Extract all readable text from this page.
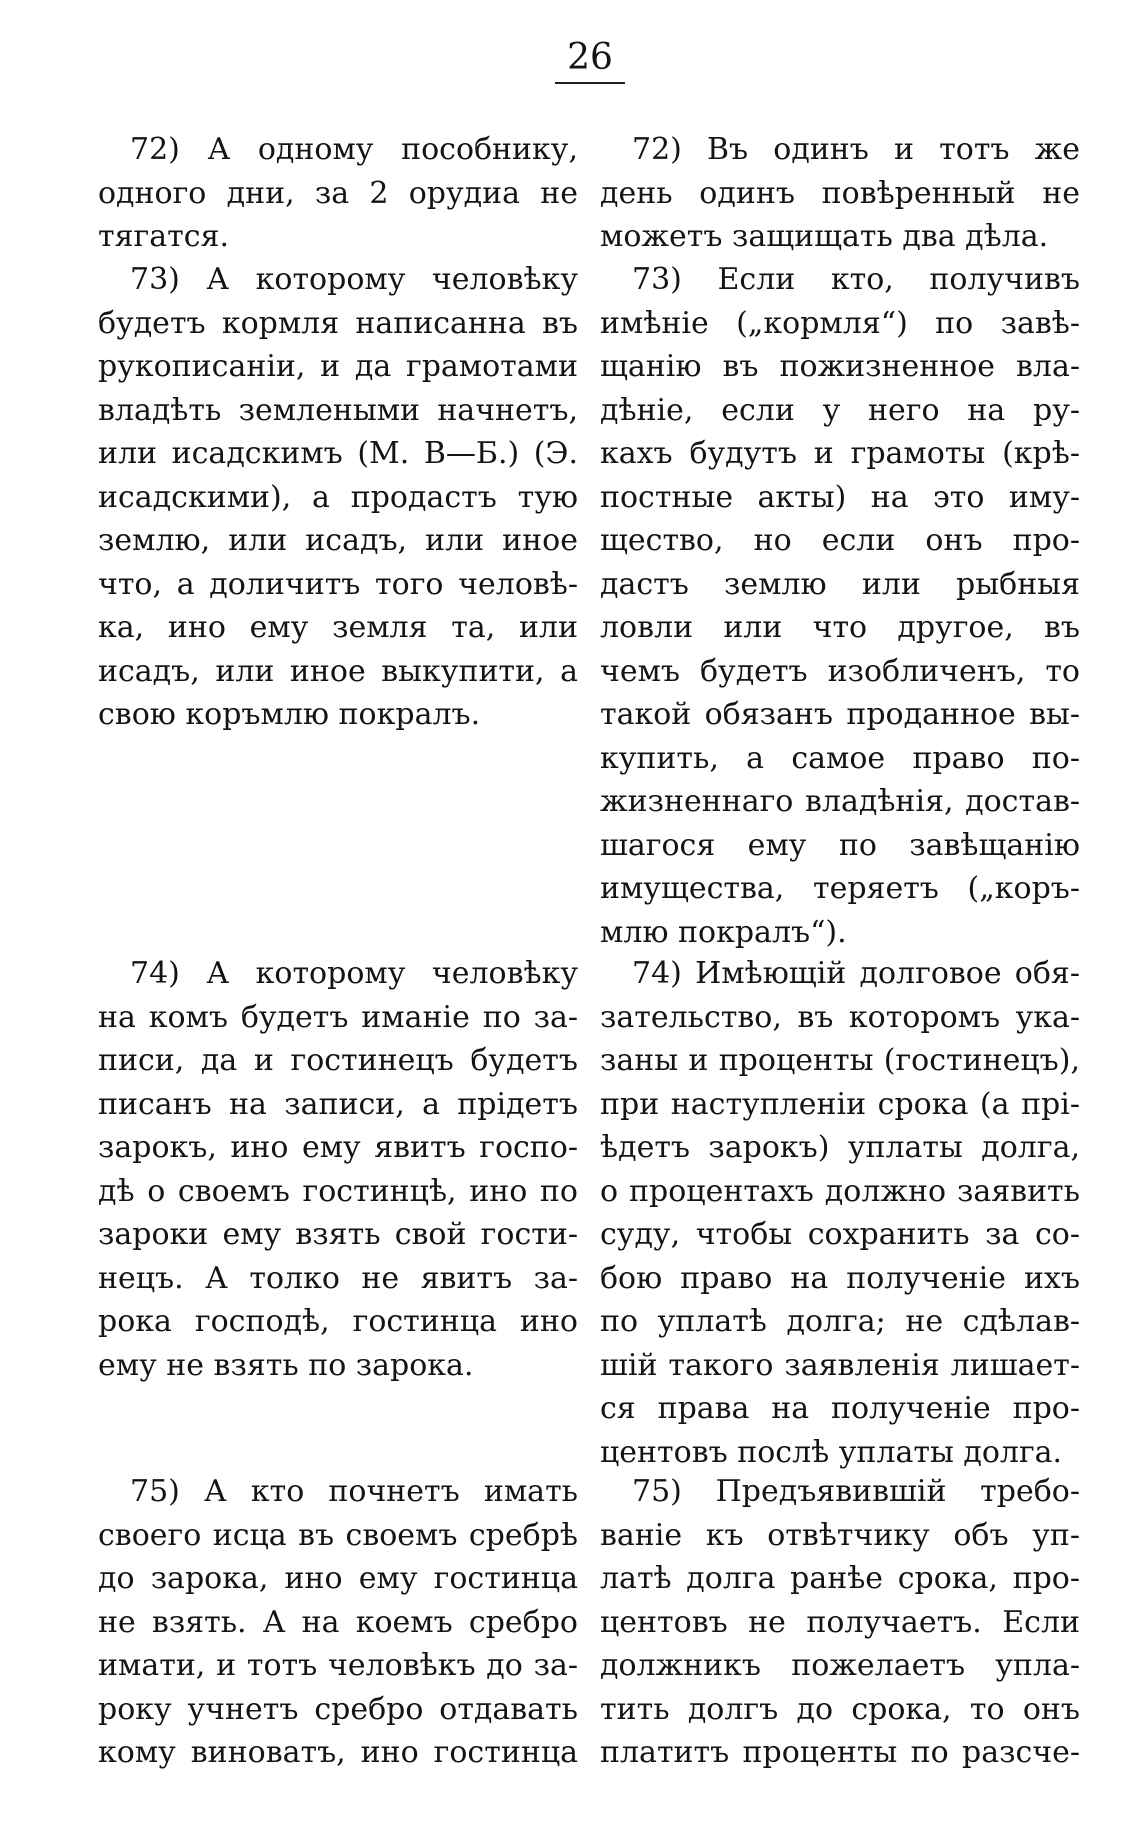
26
72) А одному пособнику,
одного дни, за 2 орудиа не
тягатся.
72) Въ одинъ и тотъ же
день одинъ повѣренный не
можетъ защищать два дѣла.
73) А которому человѣку
будетъ кормля написанна въ
рукописаніи, и да грамотами
владѣть землеными начнетъ,
или исадскимъ (М. В—Б.) (Э.
исадскими), а продастъ тую
землю, или исадъ, или иное
что, а доличитъ того человѣ-
ка, ино ему земля та, или
исадъ, или иное выкупити, а
свою коръмлю покралъ.
73) Если кто, получивъ
имѣніе („кормля“) по завѣ-
щанію въ пожизненное вла-
дѣніе, если у него на ру-
кахъ будутъ и грамоты (крѣ-
постные акты) на это иму-
щество, но если онъ про-
дастъ землю или рыбныя
ловли или что другое, въ
чемъ будетъ изобличенъ, то
такой обязанъ проданное вы-
купить, а самое право по-
жизненнаго владѣнія, достав-
шагося ему по завѣщанію
имущества, теряетъ („коръ-
млю покралъ“).
74) А которому человѣку
на комъ будетъ иманіе по за-
писи, да и гостинецъ будетъ
писанъ на записи, а прідетъ
зарокъ, ино ему явитъ госпо-
дѣ о своемъ гостинцѣ, ино по
зароки ему взять свой гости-
нецъ. А толко не явитъ за-
рока господѣ, гостинца ино
ему не взять по зарока.
74) Имѣющій долговое обя-
зательство, въ которомъ ука-
заны и проценты (гостинецъ),
при наступленіи срока (а прі-
ѣдетъ зарокъ) уплаты долга,
о процентахъ должно заявить
суду, чтобы сохранить за со-
бою право на полученіе ихъ
по уплатѣ долга; не сдѣлав-
шій такого заявленія лишает-
ся права на полученіе про-
центовъ послѣ уплаты долга.
75) А кто почнетъ имать
своего исца въ своемъ сребрѣ
до зарока, ино ему гостинца
не взять. А на коемъ сребро
имати, и тотъ человѣкъ до за-
року учнетъ сребро отдавать
кому виноватъ, ино гостинца
75) Предъявившій требо-
ваніе къ отвѣтчику объ уп-
латѣ долга ранѣе срока, про-
центовъ не получаетъ. Если
должникъ пожелаетъ упла-
тить долгъ до срока, то онъ
платитъ проценты по разсче-
